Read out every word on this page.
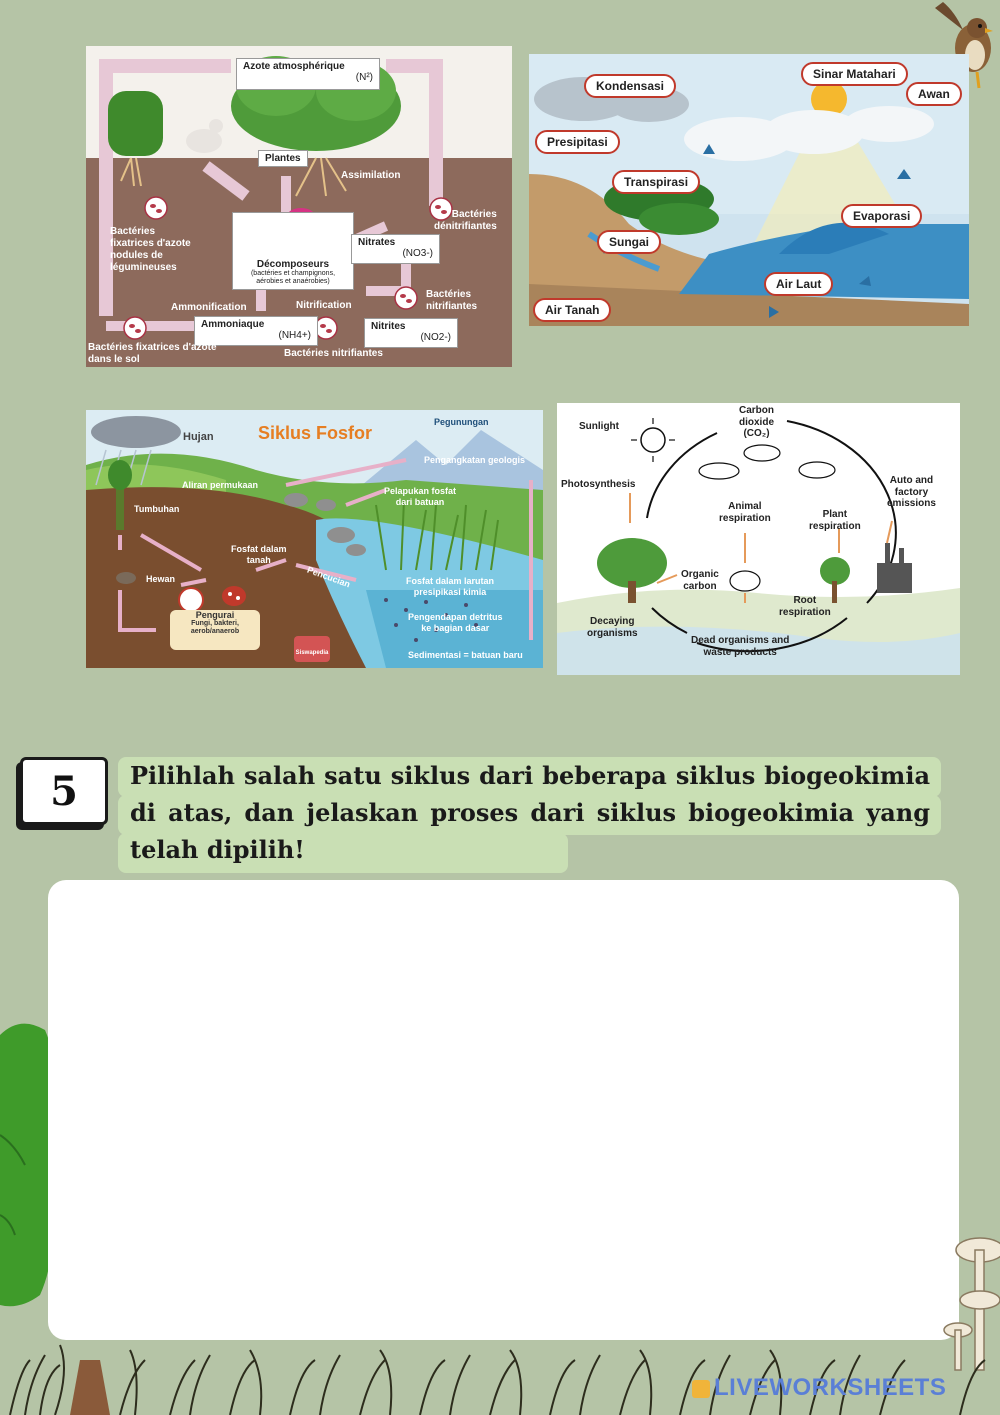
Azote atmosphérique

(N²)
Plantes
Assimilation
Bactéries
fixatrices d'azote
nodules de
légumineuses	Décomposeurs
(bactéries et champignons,
aérobies et anaérobies)
Bactéries
dénitrifiantes
Nitrates

(NO3-)
Ammonification	Nitrification
Bactéries
nitrifiantes
Ammoniaque

(NH4+)
Nitrites

(NO2-)
Bactéries fixatrices d'azote
dans le sol
Bactéries nitrifiantes
Kondensasi
Sinar Matahari
Awan
Presipitasi
Transpirasi
Evaporasi
Sungai
Air Laut
Air Tanah
Hujan Siklus Fosfor
Pegunungan
Pengangkatan geologis
Aliran permukaan
Pelapukan fosfat
dari batuan
Tumbuhan
Fosfat dalam
tanah
Hewan	Pencucian	Fosfat dalam larutan
presipikasi kimia
Pengendapan detritus
ke bagian dasar
Pengurai
Fungi, bakteri,
aerob/anaerob
Siswapedia	Sedimentasi = batuan baru
Sunlight
Carbon
dioxide
(CO₂)
Photosynthesis
Animal
respiration	Plant
respiration
Auto and
factory
emissions
Organic
carbon
Root
respiration
Decaying
organisms
Dead organisms and
waste products
5	Pilihlah salah satu siklus dari beberapa siklus biogeokimia di atas, dan jelaskan proses dari siklus biogeokimia yang telah dipilih!
LIVEWORKSHEETS
